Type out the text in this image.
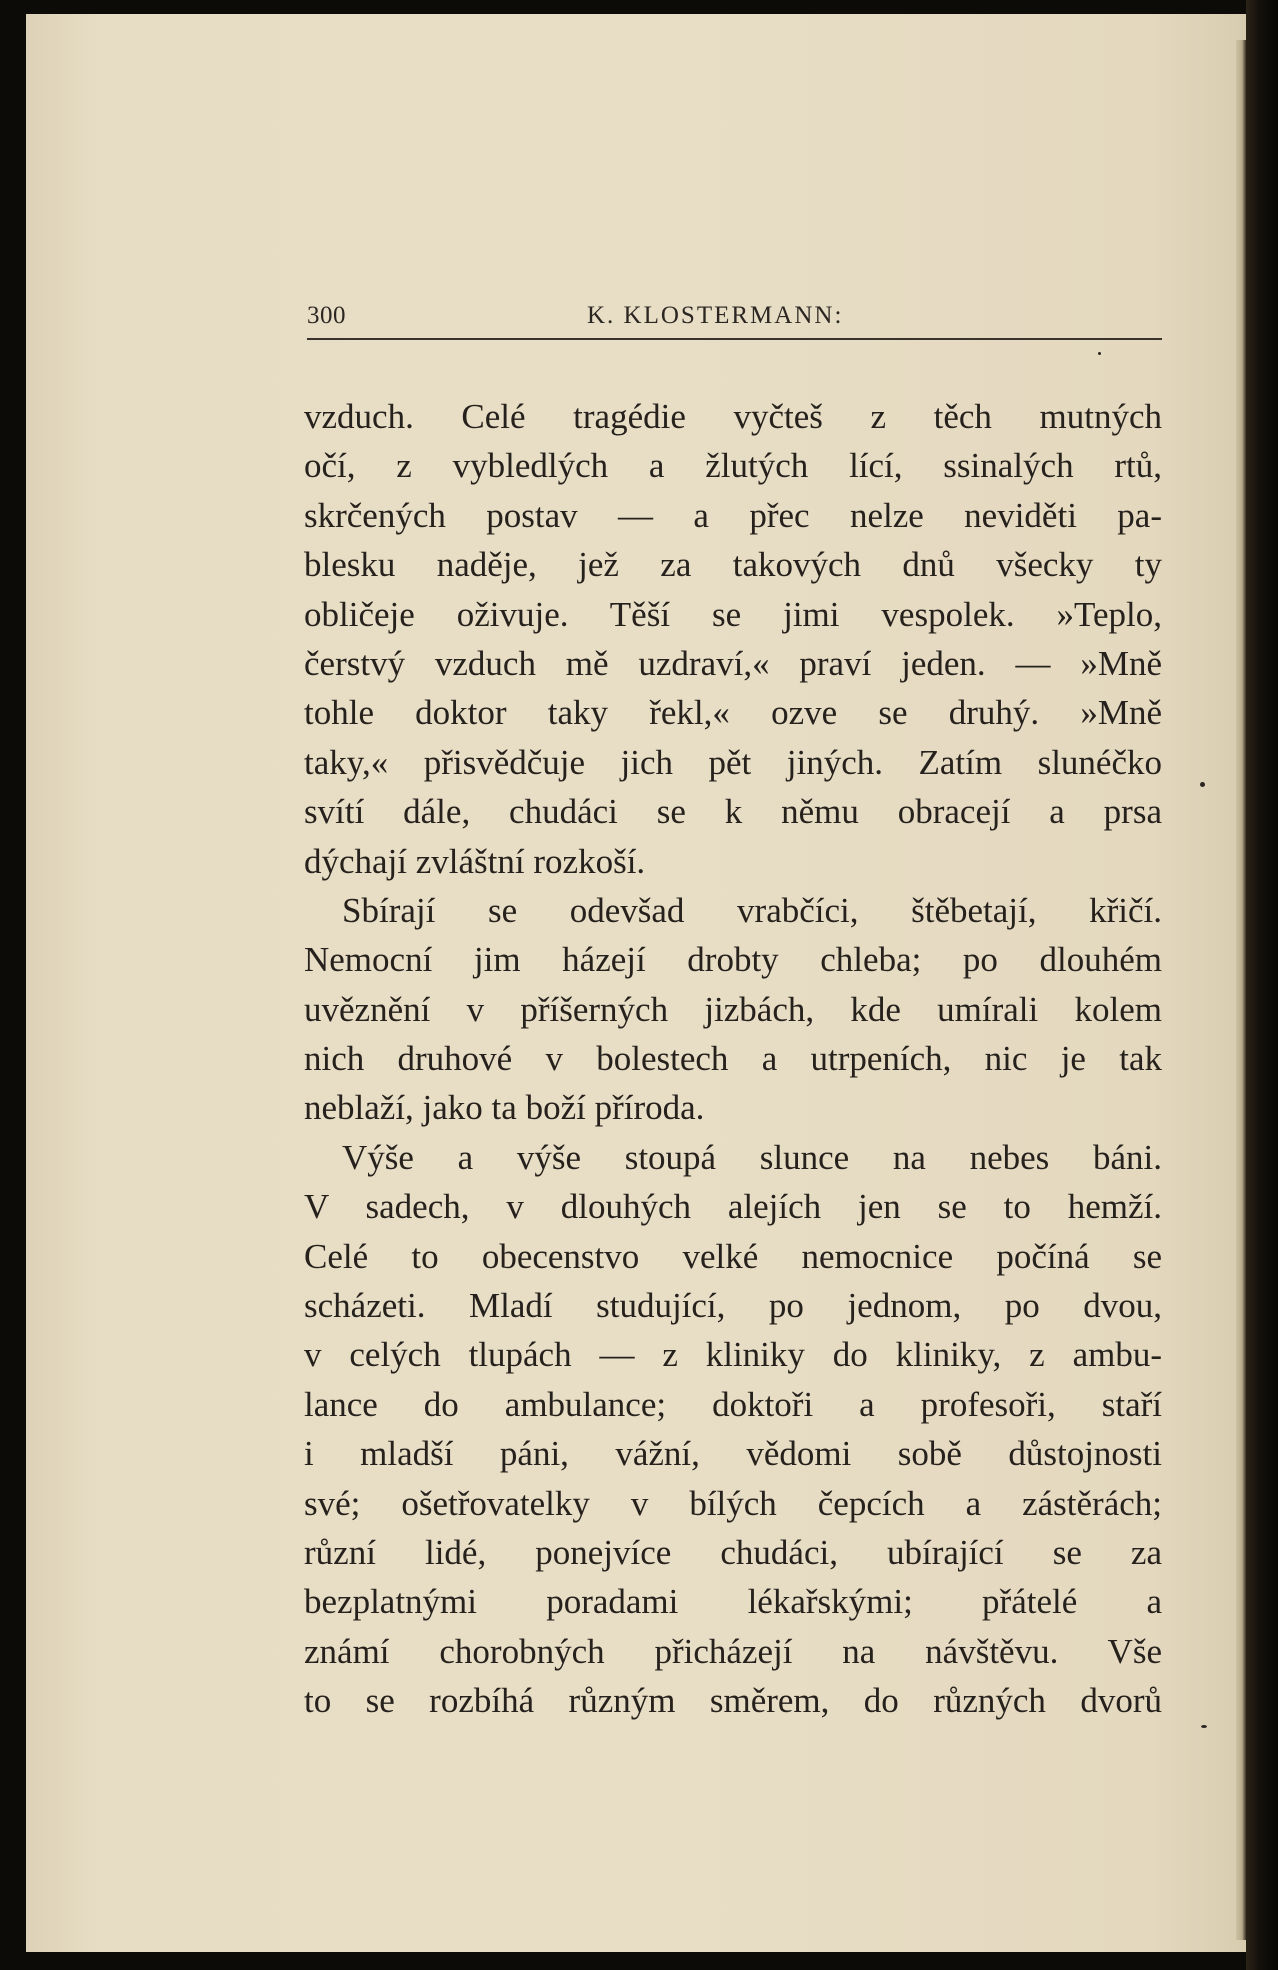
300	K. KLOSTERMANN:
vzduch. Celé tragédie vyčteš z těch mutných
očí, z vybledlých a žlutých lící, ssinalých rtů,
skrčených postav — a přec nelze neviděti pa-
blesku naděje, jež za takových dnů všecky ty
obličeje oživuje. Těší se jimi vespolek. »Teplo,
čerstvý vzduch mě uzdraví,« praví jeden. — »Mně
tohle doktor taky řekl,« ozve se druhý. »Mně
taky,« přisvědčuje jich pět jiných. Zatím slunéčko
svítí dále, chudáci se k němu obracejí a prsa
dýchají zvláštní rozkoší.
Sbírají se odevšad vrabčíci, štěbetají, křičí.
Nemocní jim házejí drobty chleba; po dlouhém
uvěznění v příšerných jizbách, kde umírali kolem
nich druhové v bolestech a utrpeních, nic je tak
neblaží, jako ta boží příroda.
Výše a výše stoupá slunce na nebes báni.
V sadech, v dlouhých alejích jen se to hemží.
Celé to obecenstvo velké nemocnice počíná se
scházeti. Mladí studující, po jednom, po dvou,
v celých tlupách — z kliniky do kliniky, z ambu-
lance do ambulance; doktoři a profesoři, staří
i mladší páni, vážní, vědomi sobě důstojnosti
své; ošetřovatelky v bílých čepcích a zástěrách;
různí lidé, ponejvíce chudáci, ubírající se za
bezplatnými poradami lékařskými; přátelé a
známí chorobných přicházejí na návštěvu. Vše
to se rozbíhá různým směrem, do různých dvorů
